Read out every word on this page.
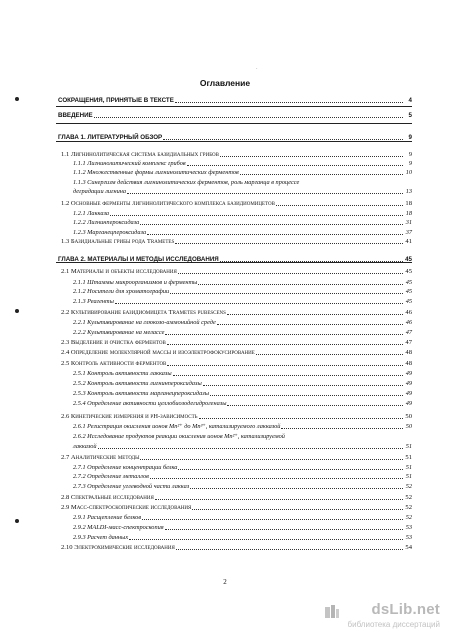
·
Оглавление
СОКРАЩЕНИЯ, ПРИНЯТЫЕ В ТЕКСТЕ	4
ВВЕДЕНИЕ	5
ГЛАВА 1. ЛИТЕРАТУРНЫЙ ОБЗОР	9
1.1 Лигнинолитическая система базидиальных грибов	9
1.1.1 Лигнинолитический комплекс грибов	9
1.1.2 Множественные формы лигнинолитических ферментов	10
1.1.3 Синергизм действия лигнинолитических ферментов, роль марганца в процессе
деградации лигнина	13
1.2 Основные ферменты лигнинолитического комплекса базидиомицетов	18
1.2.1 Лакказа	18
1.2.2 Лигнинпероксидаза	31
1.2.3 Марганецпероксидаза	37
1.3 Базидиальные грибы рода Trametes	41
ГЛАВА 2. МАТЕРИАЛЫ И МЕТОДЫ ИССЛЕДОВАНИЯ	45
2.1 Материалы и объекты исследования	45
2.1.1 Штаммы микроорганизмов и ферменты	45
2.1.2 Носители для хроматографии	45
2.1.3 Реагенты	45
2.2 Культивирование базидиомицета Trametes pubescens	46
2.2.1 Культивирование на глюкозо-аммонийной среде	46
2.2.2 Культивирование на мелассе	47
2.3 Выделение и очистка ферментов	47
2.4 Определение молекулярной массы и изоэлектрофокусирование	48
2.5 Контроль активности ферментов	48
2.5.1 Контроль активности лакказы	49
2.5.2 Контроль активности лигнинпероксидазы	49
2.5.3 Контроль активности марганецпероксидазы	49
2.5.4 Определение активности целлобиозодегидрогеназы	49
2.6 Кинетические измерения и рН-зависимость	50
2.6.1 Регистрация окисления ионов Mn²⁺ до Mn³⁺, катализируемого лакказой	50
2.6.2 Исследование продуктов реакции окисления ионов Mn²⁺, катализируемой
лакказой	51
2.7 Аналитические методы	51
2.7.1 Определение концентрации белка	51
2.7.2 Определение металлов	51
2.7.3 Определение углеводной части лакказ	52
2.8 Спектральные исследования	52
2.9 Масс-спектроскопические исследования	52
2.9.1 Расщепление белков	52
2.9.2 MALDI-масс-спектроскопия	53
2.9.3 Расчет данных	53
2.10 Электрохимические исследования	54
2
dsLib.net
библиотека диссертаций
